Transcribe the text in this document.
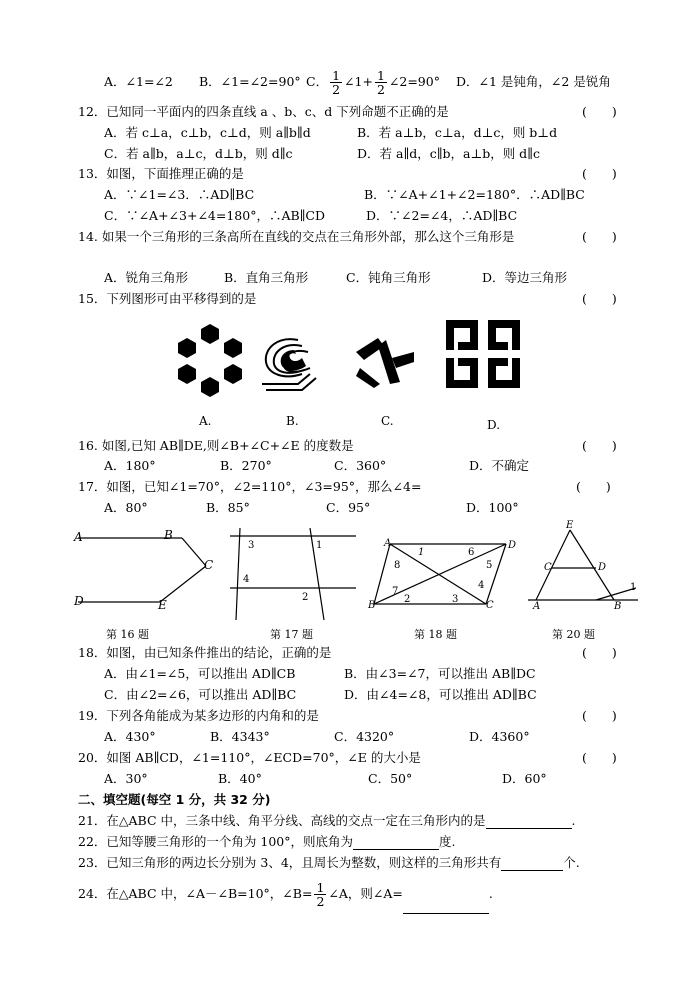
A．∠1=∠2 B．∠1=∠2=90° C． $\frac{1}{2}$ ∠1+ $\frac{1}{2}$ ∠2=90° D．∠1 是钝角，∠2 是锐角
12．已知同一平面内的四条直线 a 、b、c、d 下列命题不正确的是	(　　)
A．若 c⊥a，c⊥b，c⊥d，则 a∥b∥d	B．若 a⊥b，c⊥a，d⊥c，则 b⊥d
C．若 a∥b，a⊥c，d⊥b，则 d∥c	D．若 a∥d，c∥b，a⊥b，则 d∥c
13．如图，下面推理正确的是	(　　)
A．∵∠1=∠3．∴AD∥BC	B．∵∠A+∠1+∠2=180°．∴AD∥BC
C．∵∠A+∠3+∠4=180°，∴AB∥CD	D．∵∠2=∠4，∴AD∥BC
14. 如果一个三角形的三条高所在直线的交点在三角形外部，那么这个三角形是	(　　)
A．锐角三角形	B．直角三角形	C．钝角三角形	D．等边三角形
15．下列图形可由平移得到的是	(　　)
A.	B.	C.	D.
16. 如图,已知 AB∥DE,则∠B+∠C+∠E 的度数是	(　　)
A．180°	B．270°	C．360°	D．不确定
17．如图，已知∠1=70°，∠2=110°，∠3=95°，那么∠4=	(　　)
A．80°	B．85°	C．95°	D．100°
A	B
C
D	E
第 16 题
3	1
4
2
第 17 题
A	D
B	C
1	6
8	5
2	3
7
4
第 18 题
E
C	D
A	B
1
第 20 题
18．如图，由已知条件推出的结论，正确的是	(　　)
A．由∠1=∠5，可以推出 AD∥CB	B．由∠3=∠7，可以推出 AB∥DC
C．由∠2=∠6，可以推出 AD∥BC	D．由∠4=∠8，可以推出 AD∥BC
19．下列各角能成为某多边形的内角和的是	(　　)
A．430°	B．4343°	C．4320°	D．4360°
20．如图 AB∥CD，∠1=110°，∠ECD=70°，∠E 的大小是	(　　)
A．30°	B．40°	C．50°	D．60°
二、填空题(每空 1 分，共 32 分)
21．在△ABC 中，三条中线、角平分线、高线的交点一定在三角形内的是	.
22．已知等腰三角形的一个角为 100°，则底角为	度.
23．已知三角形的两边长分别为 3、4，且周长为整数，则这样的三角形共有	个.
24．在△ABC 中，∠A－∠B=10°，∠B= $\frac{1}{2}$ ∠A，则∠A=	.
